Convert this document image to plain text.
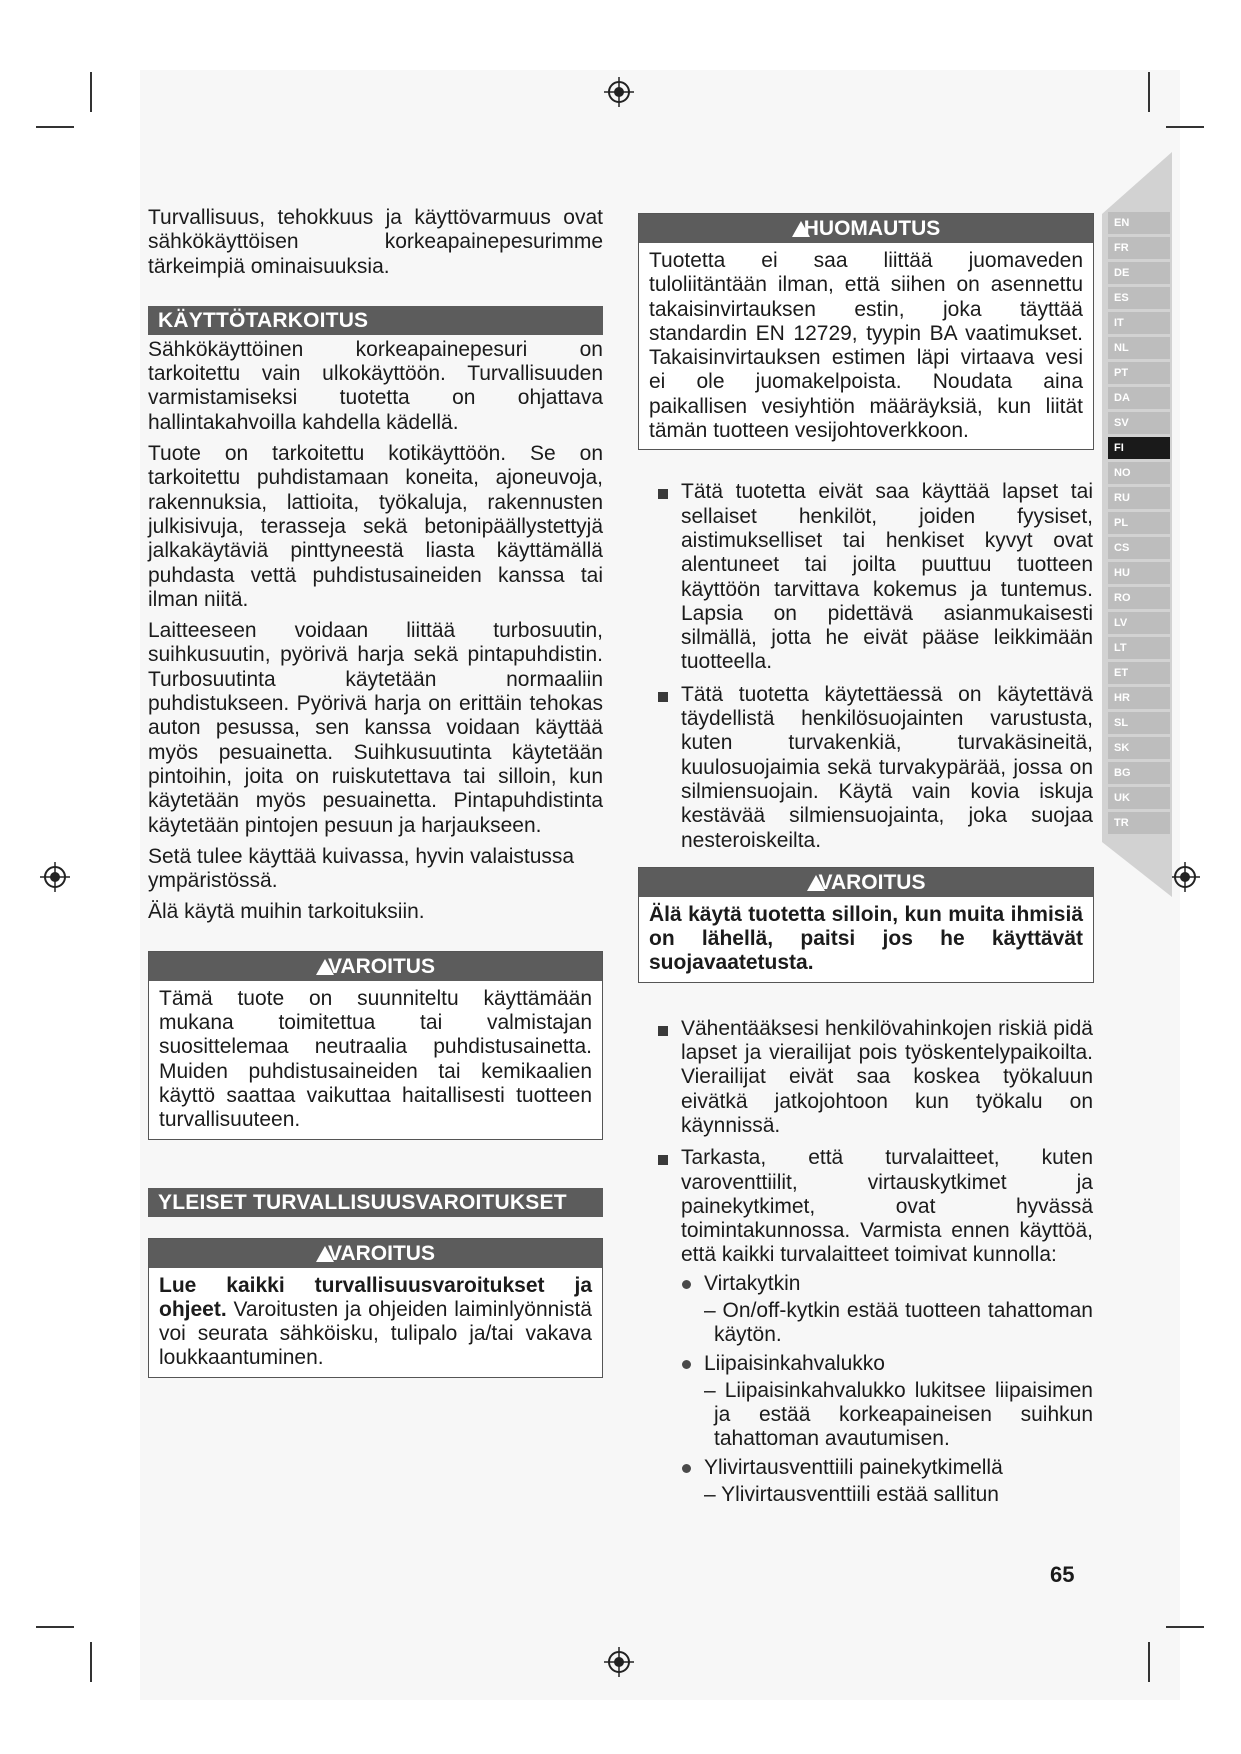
Turvallisuus, tehokkuus ja käyttövarmuus ovat sähkökäyttöisen korkeapainepesurimme tärkeimpiä ominaisuuksia.

KÄYTTÖTARKOITUS

Sähkökäyttöinen korkeapainepesuri on tarkoitettu vain ulkokäyttöön. Turvallisuuden varmistamiseksi tuotetta on ohjattava hallintakahvoilla kahdella kädellä.

Tuote on tarkoitettu kotikäyttöön. Se on tarkoitettu puhdistamaan koneita, ajoneuvoja, rakennuksia, lattioita, työkaluja, rakennusten julkisivuja, terasseja sekä betonipäällystettyjä jalkakäytäviä pinttyneestä liasta käyttämällä puhdasta vettä puhdistusaineiden kanssa tai ilman niitä.

Laitteeseen voidaan liittää turbosuutin, suihkusuutin, pyörivä harja sekä pintapuhdistin. Turbosuutinta käytetään normaaliin puhdistukseen. Pyörivä harja on erittäin tehokas auton pesussa, sen kanssa voidaan käyttää myös pesuainetta. Suihkusuutinta käytetään pintoihin, joita on ruiskutettava tai silloin, kun käytetään myös pesuainetta. Pintapuhdistinta käytetään pintojen pesuun ja harjaukseen.

Setä tulee käyttää kuivassa, hyvin valaistussa ympäristössä.

Älä käytä muihin tarkoituksiin.

VAROITUS

Tämä tuote on suunniteltu käyttämään mukana toimitettua tai valmistajan suosittelemaa neutraalia puhdistusainetta. Muiden puhdistusaineiden tai kemikaalien käyttö saattaa vaikuttaa haitallisesti tuotteen turvallisuuteen.

YLEISET TURVALLISUUSVAROITUKSET
VAROITUS

Lue kaikki turvallisuusvaroitukset ja ohjeet. Varoitusten ja ohjeiden laiminlyönnistä voi seurata sähköisku, tulipalo ja/tai vakava loukkaantuminen.

HUOMAUTUS

Tuotetta ei saa liittää juomaveden tuloliitäntään ilman, että siihen on asennettu takaisinvirtauksen estin, joka täyttää standardin EN 12729, tyypin BA vaatimukset. Takaisinvirtauksen estimen läpi virtaava vesi ei ole juomakelpoista. Noudata aina paikallisen vesiyhtiön määräyksiä, kun liität tämän tuotteen vesijohtoverkkoon.

Tätä tuotetta eivät saa käyttää lapset tai sellaiset henkilöt, joiden fyysiset, aistimukselliset tai henkiset kyvyt ovat alentuneet tai joilta puuttuu tuotteen käyttöön tarvittava kokemus ja tuntemus. Lapsia on pidettävä asianmukaisesti silmällä, jotta he eivät pääse leikkimään tuotteella.
Tätä tuotetta käytettäessä on käytettävä täydellistä henkilösuojainten varustusta, kuten turvakenkiä, turvakäsineitä, kuulosuojaimia sekä turvakypärää, jossa on silmiensuojain. Käytä vain kovia iskuja kestävää silmiensuojainta, joka suojaa nesteroiskeilta.
VAROITUS

Älä käytä tuotetta silloin, kun muita ihmisiä on lähellä, paitsi jos he käyttävät suojavaatetusta.

Vähentääksesi henkilövahinkojen riskiä pidä lapset ja vierailijat pois työskentelypaikoilta. Vierailijat eivät saa koskea työkaluun eivätkä jatkojohtoon kun työkalu on käynnissä.
Tarkasta, että turvalaitteet, kuten varoventtiilit, virtauskytkimet ja painekytkimet, ovat hyvässä toimintakunnossa. Varmista ennen käyttöä, että kaikki turvalaitteet toimivat kunnolla:
Virtakytkin
– On/off-kytkin estää tuotteen tahattoman käytön.
Liipaisinkahvalukko
– Liipaisinkahvalukko lukitsee liipaisimen ja estää korkeapaineisen suihkun tahattoman avautumisen.
Ylivirtausventtiili painekytkimellä
– Ylivirtausventtiili estää sallitun
EN
FR
DE
ES
IT
NL
PT
DA
SV
FI
NO
RU
PL
CS
HU
RO
LV
LT
ET
HR
SL
SK
BG
UK
TR
65
